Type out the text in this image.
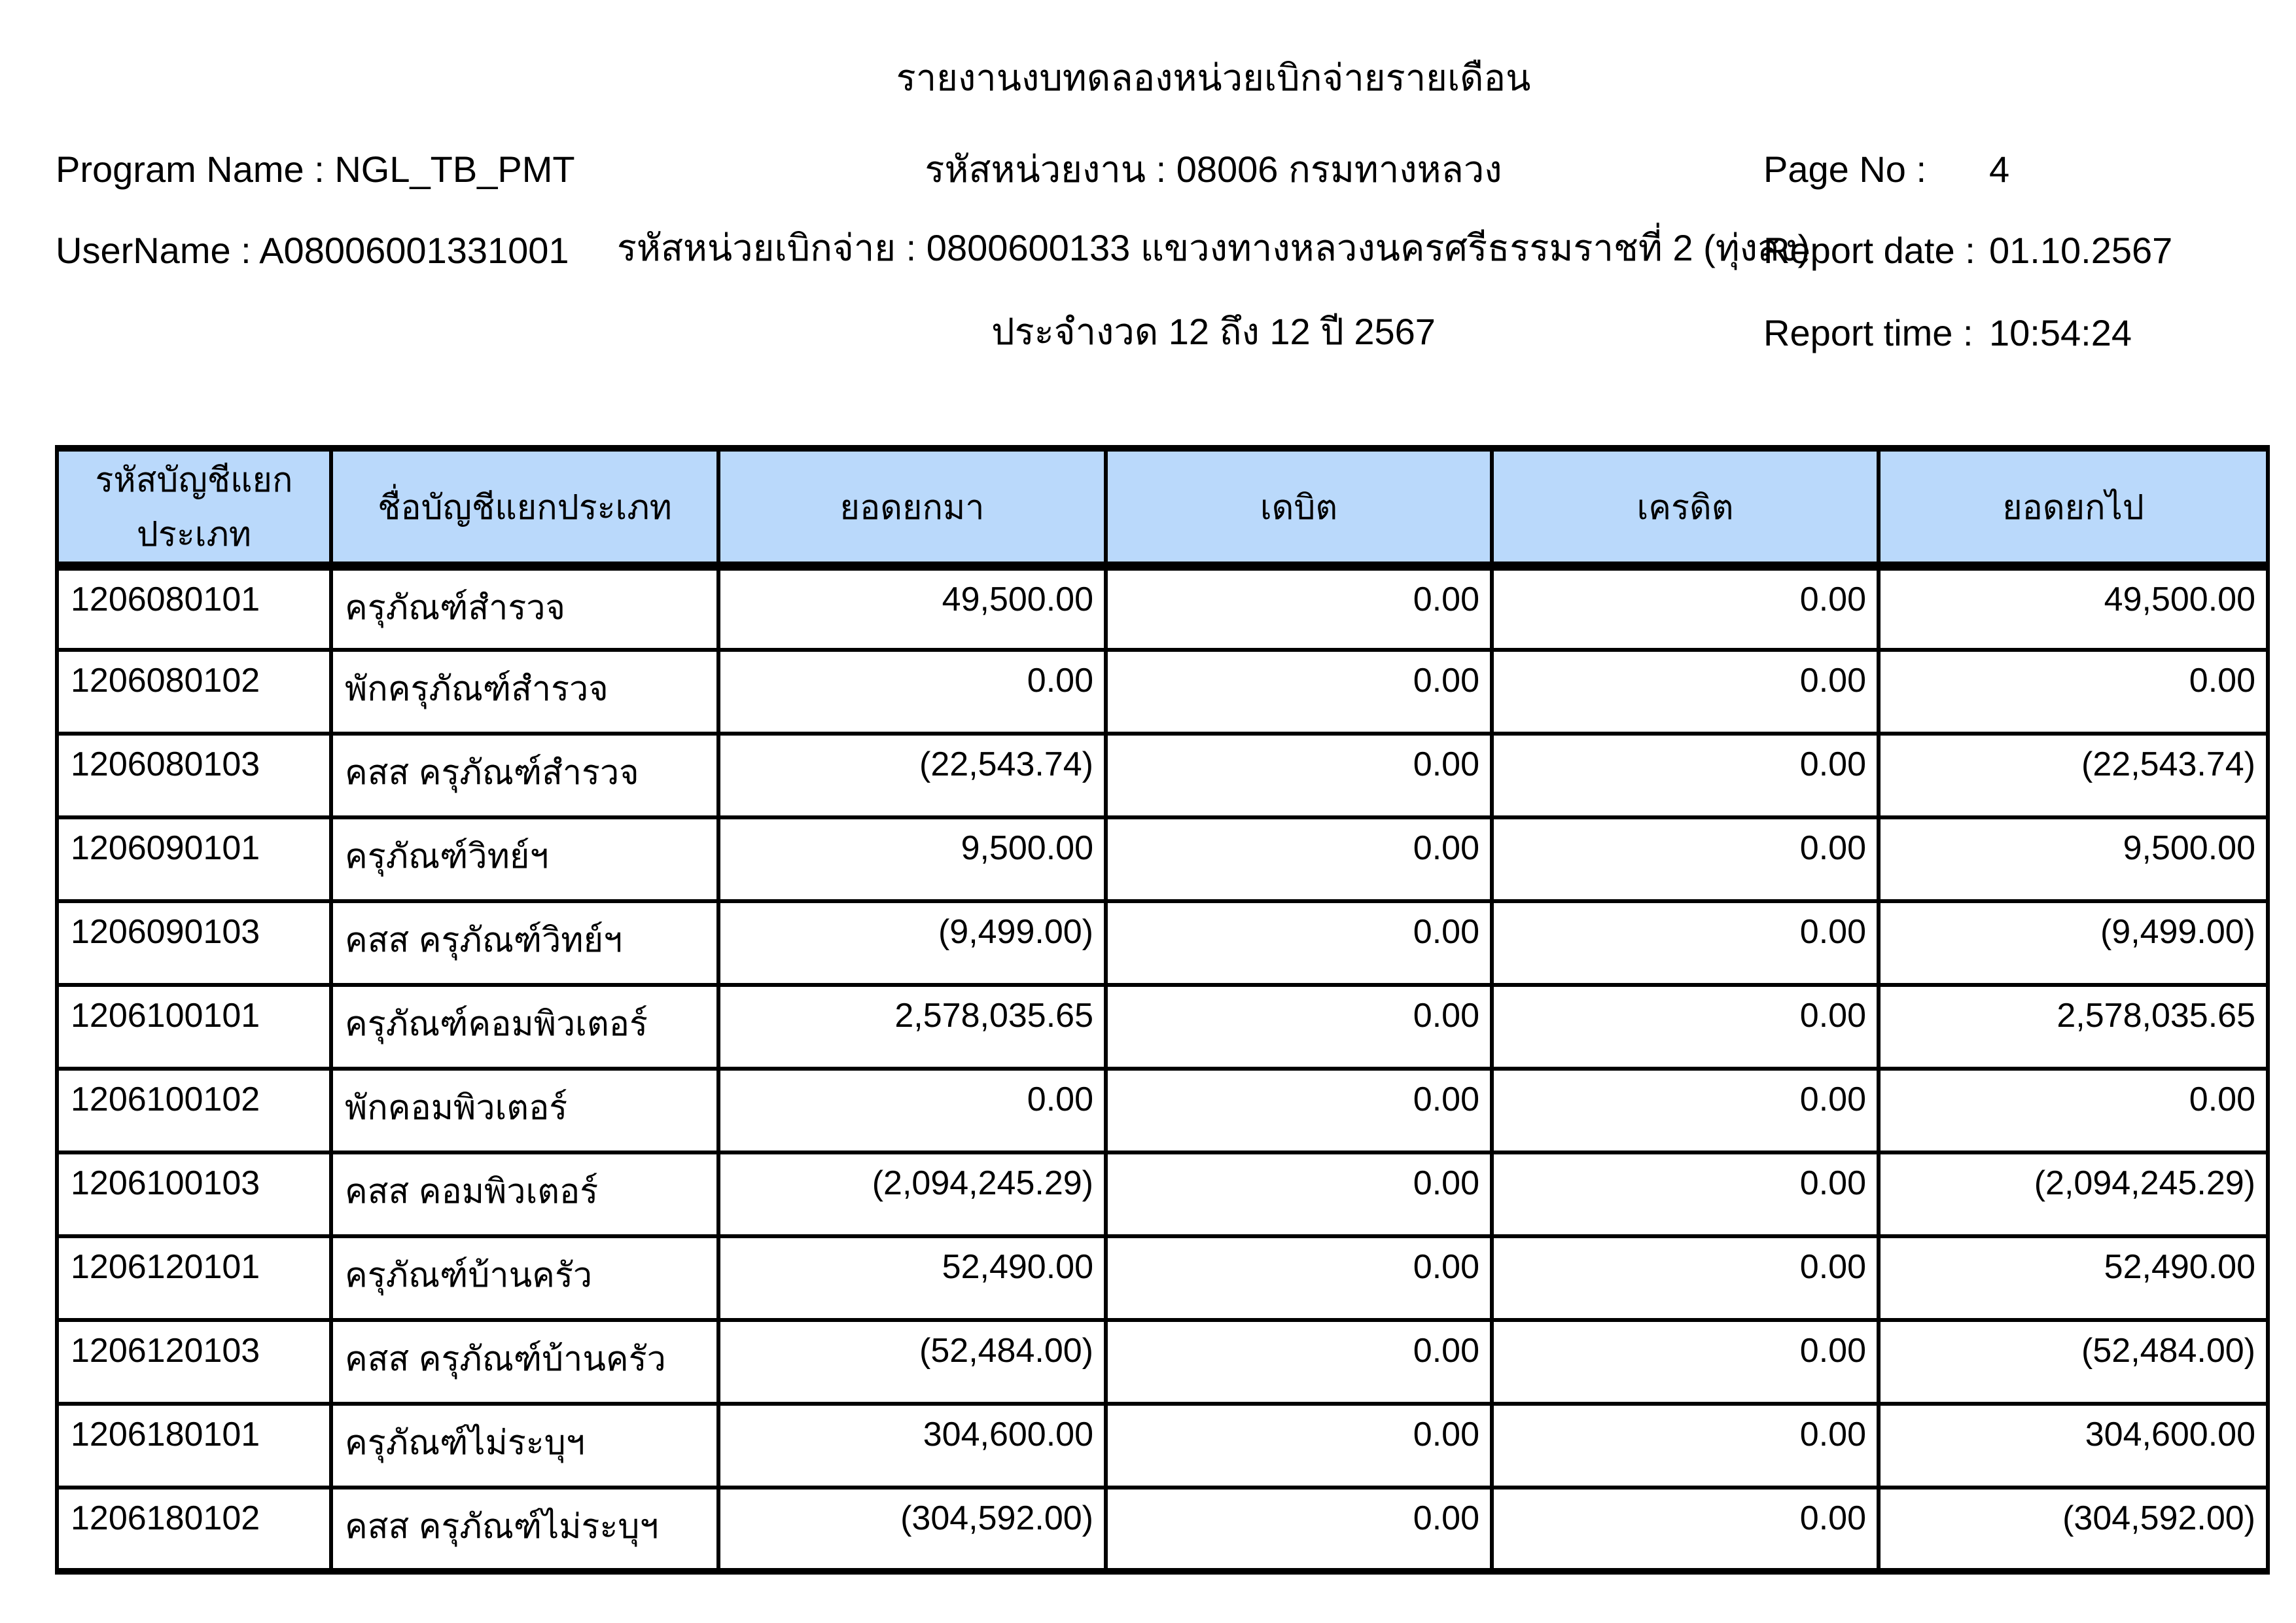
รายงานงบทดลองหน่วยเบิกจ่ายรายเดือน
Program Name : NGL_TB_PMT
UserName : A08006001331001
รหัสหน่วยงาน : 08006 กรมทางหลวง
รหัสหน่วยเบิกจ่าย : 0800600133 แขวงทางหลวงนครศรีธรรมราชที่ 2 (ทุ่งสง)
ประจำงวด 12 ถึง 12 ปี 2567
Page No : 4
Report date : 01.10.2567
Report time : 10:54:24
รหัสบัญชีแยกประเภท	ชื่อบัญชีแยกประเภท	ยอดยกมา	เดบิต	เครดิต	ยอดยกไป
1206080101	ครุภัณฑ์สำรวจ	49,500.00	0.00	0.00	49,500.00
1206080102	พักครุภัณฑ์สำรวจ	0.00	0.00	0.00	0.00
1206080103	คสส ครุภัณฑ์สำรวจ	(22,543.74)	0.00	0.00	(22,543.74)
1206090101	ครุภัณฑ์วิทย์ฯ	9,500.00	0.00	0.00	9,500.00
1206090103	คสส ครุภัณฑ์วิทย์ฯ	(9,499.00)	0.00	0.00	(9,499.00)
1206100101	ครุภัณฑ์คอมพิวเตอร์	2,578,035.65	0.00	0.00	2,578,035.65
1206100102	พักคอมพิวเตอร์	0.00	0.00	0.00	0.00
1206100103	คสส คอมพิวเตอร์	(2,094,245.29)	0.00	0.00	(2,094,245.29)
1206120101	ครุภัณฑ์บ้านครัว	52,490.00	0.00	0.00	52,490.00
1206120103	คสส ครุภัณฑ์บ้านครัว	(52,484.00)	0.00	0.00	(52,484.00)
1206180101	ครุภัณฑ์ไม่ระบุฯ	304,600.00	0.00	0.00	304,600.00
1206180102	คสส ครุภัณฑ์ไม่ระบุฯ	(304,592.00)	0.00	0.00	(304,592.00)
